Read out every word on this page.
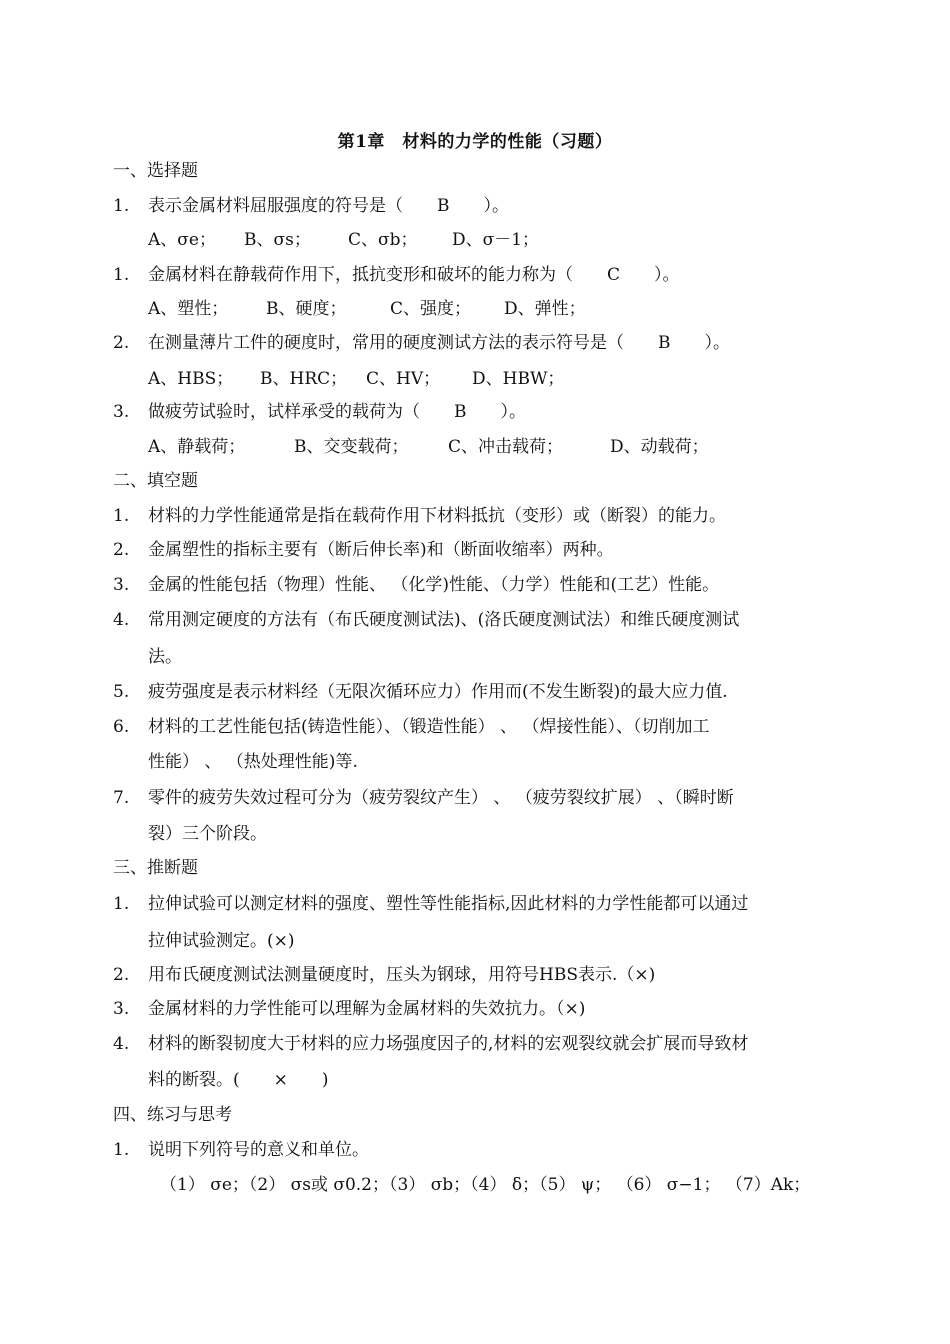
第1章　材料的力学的性能（习题）
一、选择题
1. 表示金属材料屈服强度的符号是（　　B　　）。
A、σe； B、σs； C、σb； D、σ－1；
1. 金属材料在静载荷作用下，抵抗变形和破坏的能力称为（　　C　　）。
A、塑性； B、硬度；	C、强度； D、弹性；
2. 在测量薄片工件的硬度时，常用的硬度测试方法的表示符号是（　　B　　）。
A、HBS； B、HRC； C、HV； D、HBW；
3. 做疲劳试验时，试样承受的载荷为（　　B　　）。
A、静载荷；	B、交变载荷； C、冲击载荷；	D、动载荷；
二、填空题
1. 材料的力学性能通常是指在载荷作用下材料抵抗（变形）或（断裂）的能力。
2. 金属塑性的指标主要有（断后伸长率)和（断面收缩率）两种。
3. 金属的性能包括（物理）性能、 （化学)性能、（力学）性能和(工艺）性能。
4. 常用测定硬度的方法有（布氏硬度测试法)、(洛氏硬度测试法）和维氏硬度测试
法。
5. 疲劳强度是表示材料经（无限次循环应力）作用而(不发生断裂)的最大应力值.
6. 材料的工艺性能包括(铸造性能）、（锻造性能） 、 （焊接性能）、（切削加工
性能） 、 （热处理性能)等.
7. 零件的疲劳失效过程可分为（疲劳裂纹产生） 、 （疲劳裂纹扩展） 、（瞬时断
裂）三个阶段。
三、推断题
1. 拉伸试验可以测定材料的强度、塑性等性能指标,因此材料的力学性能都可以通过
拉伸试验测定。(×)
2. 用布氏硬度测试法测量硬度时，压头为钢球，用符号HBS表示.（×)
3. 金属材料的力学性能可以理解为金属材料的失效抗力。（×)
4. 材料的断裂韧度大于材料的应力场强度因子的,材料的宏观裂纹就会扩展而导致材
料的断裂。(　　×　　)
四、练习与思考
1. 说明下列符号的意义和单位。
（1） σe；（2） σs或 σ0.2；（3） σb；（4） δ；（5） ψ； （6） σ−1； （7）Ak；
